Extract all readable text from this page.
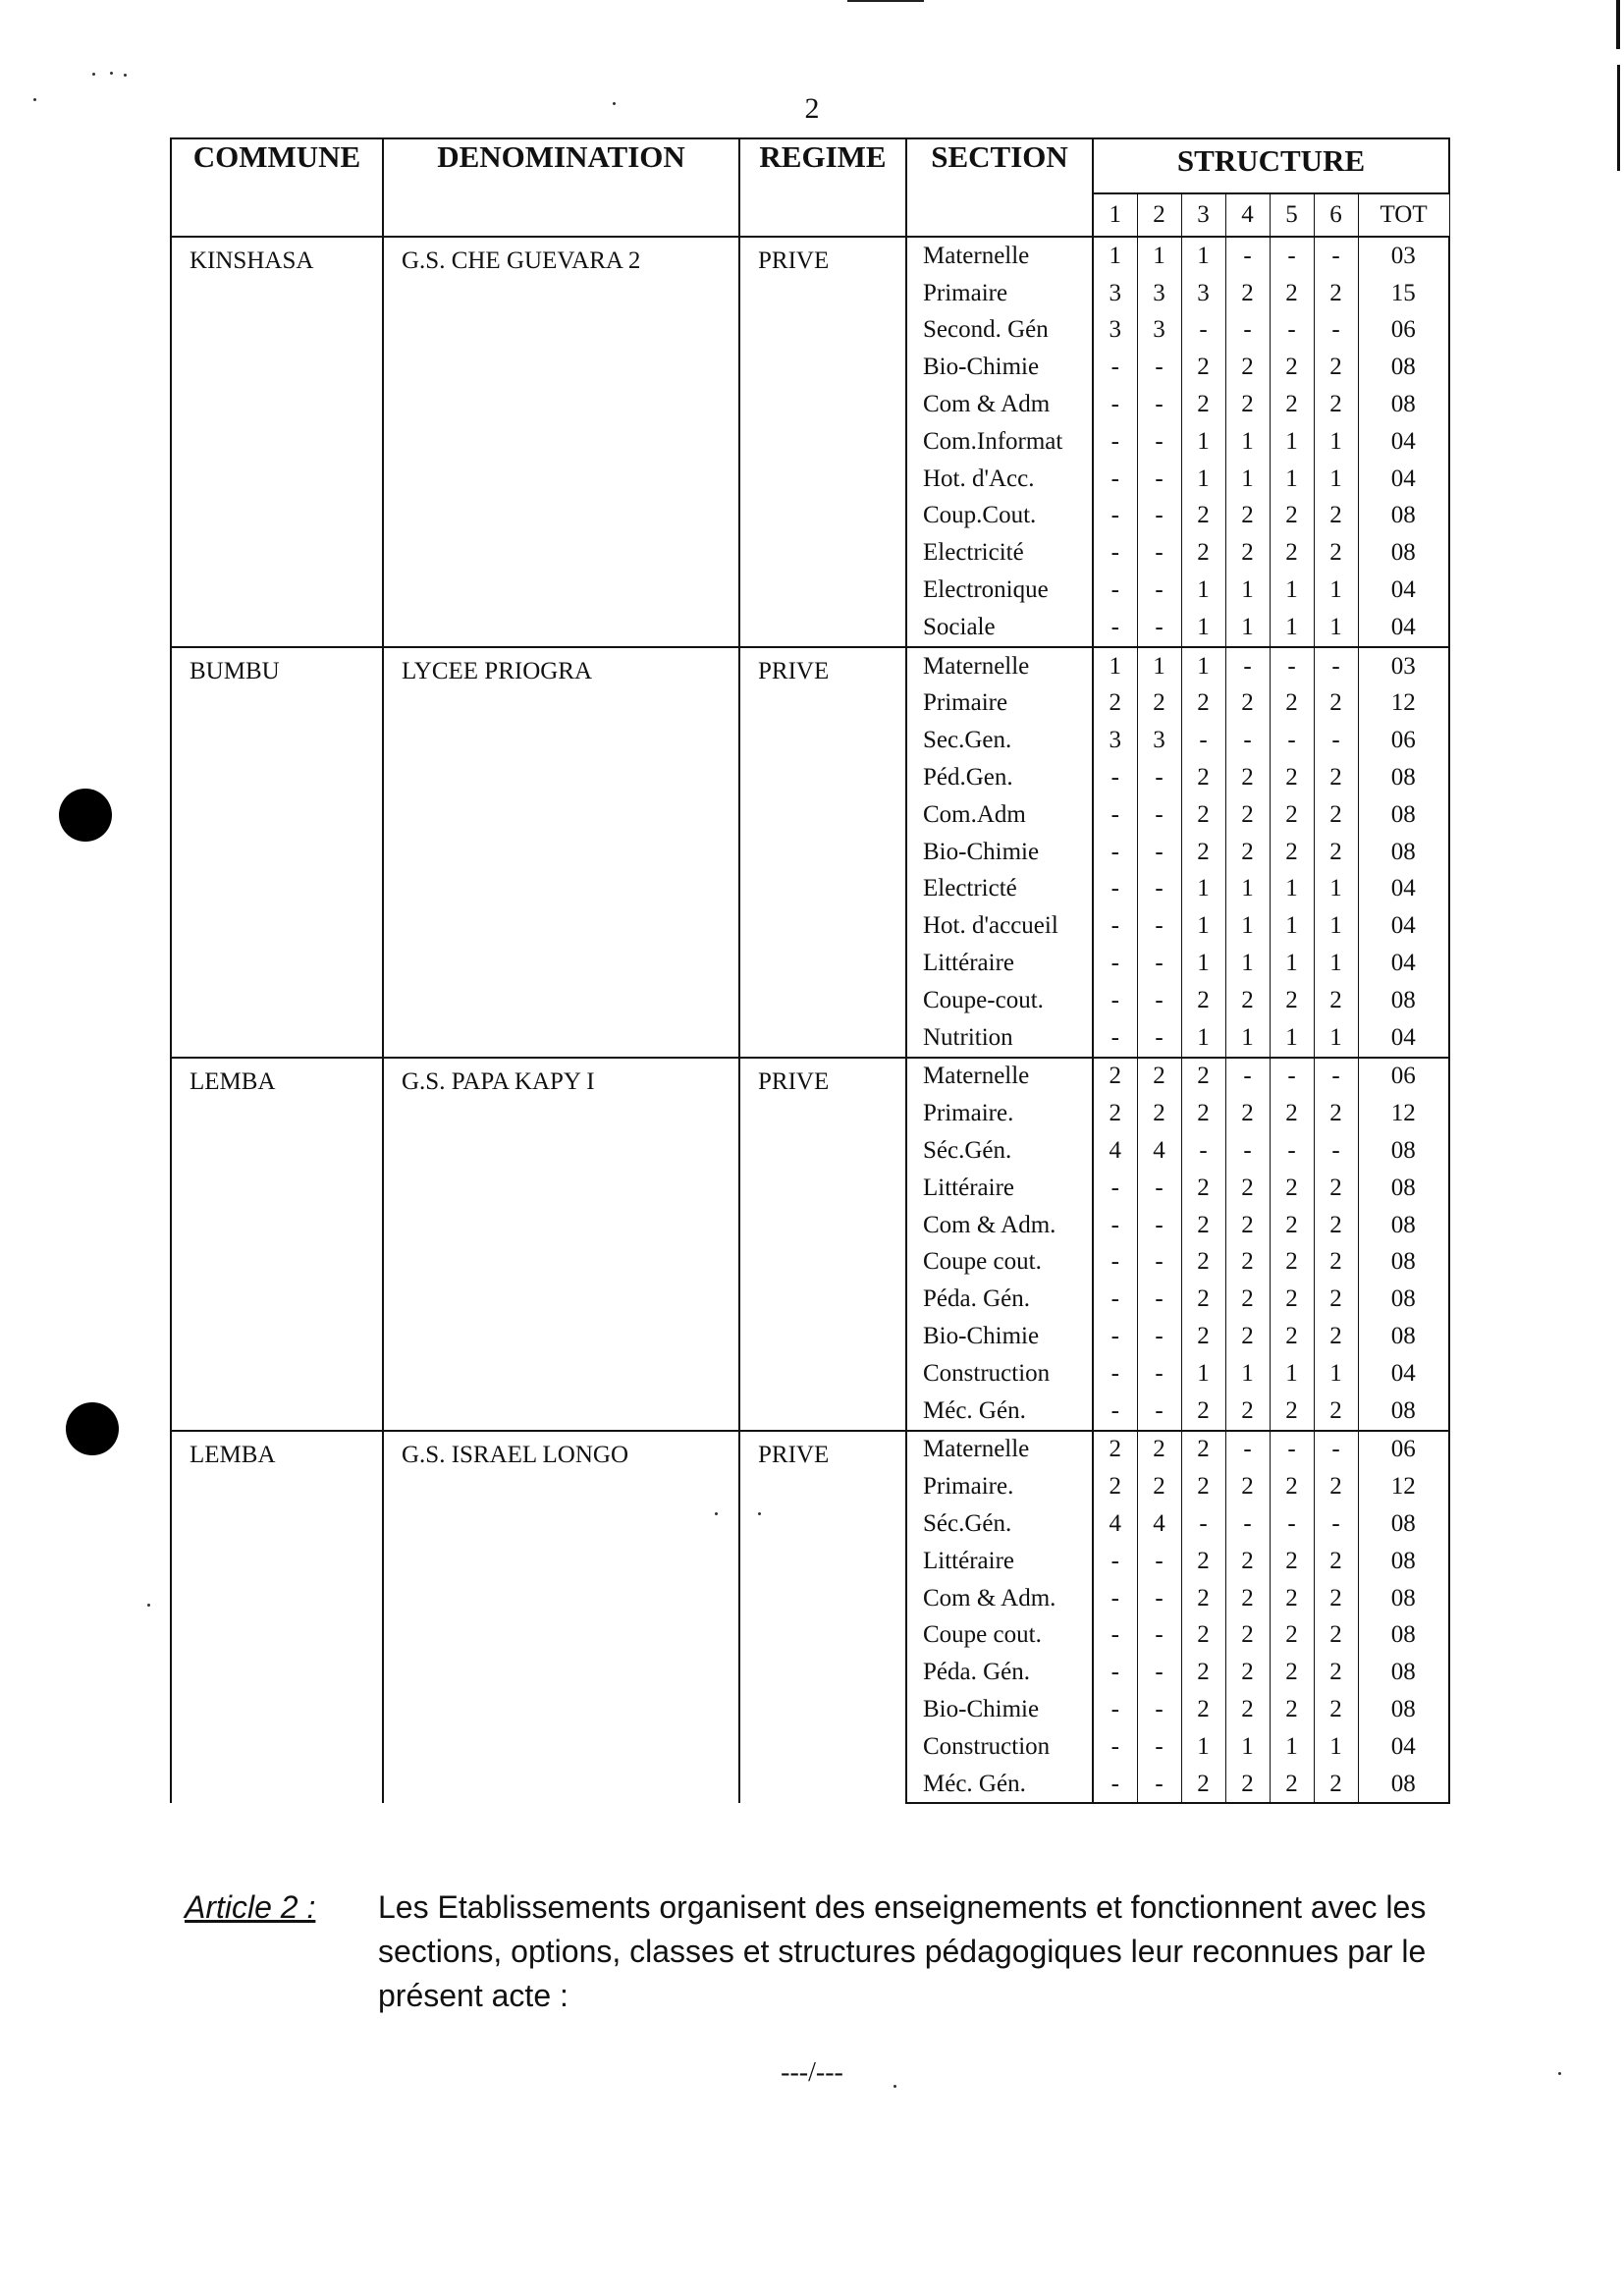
2
COMMUNE	DENOMINATION	REGIME	SECTION	STRUCTURE						
				1	2	3	4	5	6	TOT
KINSHASA	G.S. CHE GUEVARA 2	PRIVE	Maternelle	1	1	1	-	-	-	03
			Primaire	3	3	3	2	2	2	15
			Second. Gén	3	3	-	-	-	-	06
			Bio-Chimie	-	-	2	2	2	2	08
			Com & Adm	-	-	2	2	2	2	08
			Com.Informat	-	-	1	1	1	1	04
			Hot. d'Acc.	-	-	1	1	1	1	04
			Coup.Cout.	-	-	2	2	2	2	08
			Electricité	-	-	2	2	2	2	08
			Electronique	-	-	1	1	1	1	04
			Sociale	-	-	1	1	1	1	04
BUMBU	LYCEE PRIOGRA	PRIVE	Maternelle	1	1	1	-	-	-	03
			Primaire	2	2	2	2	2	2	12
			Sec.Gen.	3	3	-	-	-	-	06
			Péd.Gen.	-	-	2	2	2	2	08
			Com.Adm	-	-	2	2	2	2	08
			Bio-Chimie	-	-	2	2	2	2	08
			Electricté	-	-	1	1	1	1	04
			Hot. d'accueil	-	-	1	1	1	1	04
			Littéraire	-	-	1	1	1	1	04
			Coupe-cout.	-	-	2	2	2	2	08
			Nutrition	-	-	1	1	1	1	04
LEMBA	G.S. PAPA KAPY I	PRIVE	Maternelle	2	2	2	-	-	-	06
			Primaire.	2	2	2	2	2	2	12
			Séc.Gén.	4	4	-	-	-	-	08
			Littéraire	-	-	2	2	2	2	08
			Com & Adm.	-	-	2	2	2	2	08
			Coupe cout.	-	-	2	2	2	2	08
			Péda. Gén.	-	-	2	2	2	2	08
			Bio-Chimie	-	-	2	2	2	2	08
			Construction	-	-	1	1	1	1	04
			Méc. Gén.	-	-	2	2	2	2	08
LEMBA	G.S. ISRAEL LONGO	PRIVE	Maternelle	2	2	2	-	-	-	06
			Primaire.	2	2	2	2	2	2	12
			Séc.Gén.	4	4	-	-	-	-	08
			Littéraire	-	-	2	2	2	2	08
			Com & Adm.	-	-	2	2	2	2	08
			Coupe cout.	-	-	2	2	2	2	08
			Péda. Gén.	-	-	2	2	2	2	08
			Bio-Chimie	-	-	2	2	2	2	08
			Construction	-	-	1	1	1	1	04
			Méc. Gén.	-	-	2	2	2	2	08
Article 2 : Les Etablissements organisent des enseignements et fonctionnent avec les sections, options, classes et structures pédagogiques leur reconnues par le présent acte :
---/---
